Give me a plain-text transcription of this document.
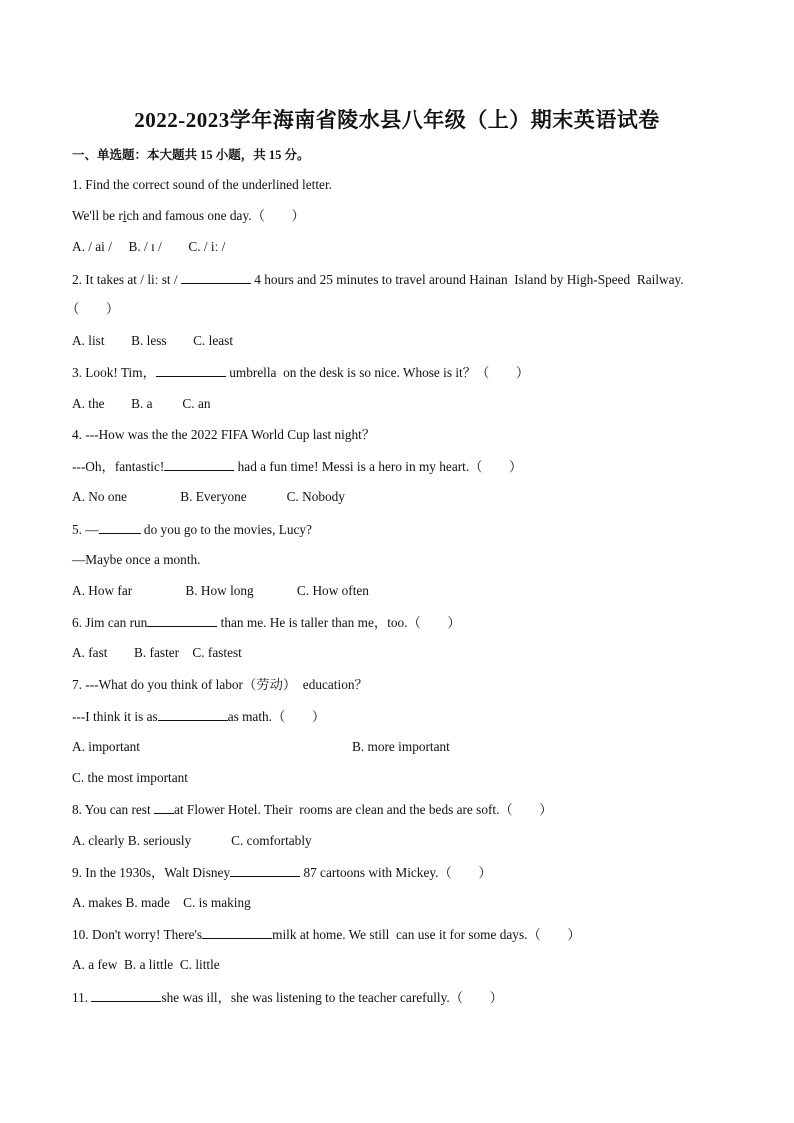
2022-2023学年海南省陵水县八年级（上）期末英语试卷
一、单选题：本大题共 15 小题，共 15 分。
1. Find the correct sound of the underlined letter.
We'll be rich and famous one day.（　　）
A. / ai /　 B. / ɪ /　　C. / iː /
2. It takes at / liː st /	4 hours and 25 minutes to travel around Hainan  Island by High-Speed  Railway.
（　　）
A. list　　B. less　　C. least
3. Look! Tim，	umbrella  on the desk is so nice. Whose is it？（　　）
A. the　　B. a　　 C. an
4. ---How was the the 2022 FIFA World Cup last night？
---Oh，fantastic!	had a fun time! Messi is a hero in my heart.（　　）
A. No one　　　　B. Everyone　　　C. Nobody
5. —	do you go to the movies, Lucy?
—Maybe once a month.
A. How far　　　　B. How long　　　 C. How often
6. Jim can run	than me. He is taller than me，too.（　　）
A. fast　　B. faster　C. fastest
7. ---What do you think of labor（劳动）  education？
---I think it is as	as math.（　　）
A. important	B. more important
C. the most important
8. You can rest at Flower Hotel. Their  rooms are clean and the beds are soft.（　　）
A. clearly B. seriously　　　C. comfortably
9. In the 1930s，Walt Disney	87 cartoons with Mickey.（　　）
A. makes B. made　C. is making
10. Don't worry! There's	milk at home. We still  can use it for some days.（　　）
A. a few  B. a little  C. little
11.	she was ill，she was listening to the teacher carefully.（　　）
